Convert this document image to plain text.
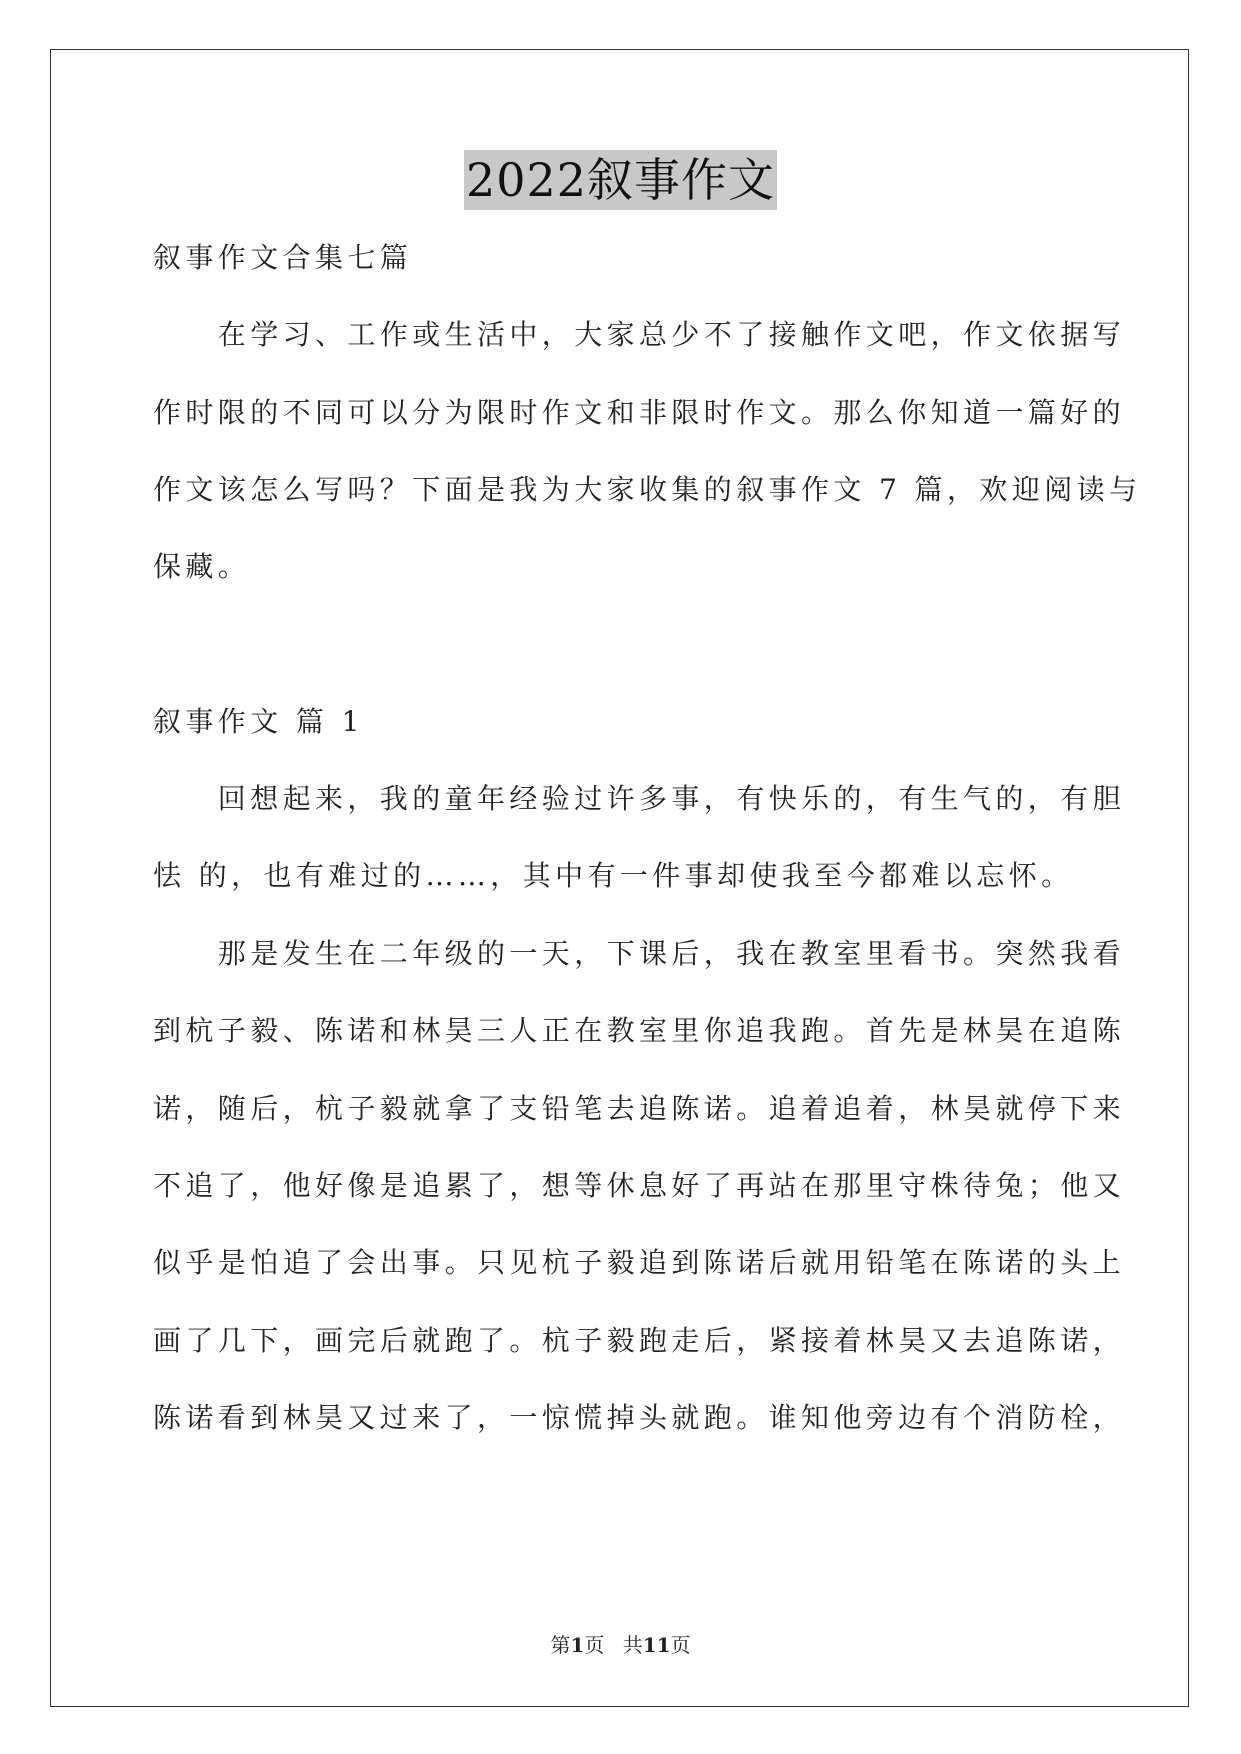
2022叙事作文
叙事作文合集七篇
　　在学习、工作或生活中，大家总少不了接触作文吧，作文依据写
作时限的不同可以分为限时作文和非限时作文。那么你知道一篇好的
作文该怎么写吗？下面是我为大家收集的叙事作文 7 篇，欢迎阅读与
保藏。
叙事作文 篇 1
　　回想起来，我的童年经验过许多事，有快乐的，有生气的，有胆
怯 的，也有难过的……，其中有一件事却使我至今都难以忘怀。
　　那是发生在二年级的一天，下课后，我在教室里看书。突然我看
到杭子毅、陈诺和林昊三人正在教室里你追我跑。首先是林昊在追陈
诺，随后，杭子毅就拿了支铅笔去追陈诺。追着追着，林昊就停下来
不追了，他好像是追累了，想等休息好了再站在那里守株待兔；他又
似乎是怕追了会出事。只见杭子毅追到陈诺后就用铅笔在陈诺的头上
画了几下，画完后就跑了。杭子毅跑走后，紧接着林昊又去追陈诺，
陈诺看到林昊又过来了，一惊慌掉头就跑。谁知他旁边有个消防栓，
第1页 共11页
